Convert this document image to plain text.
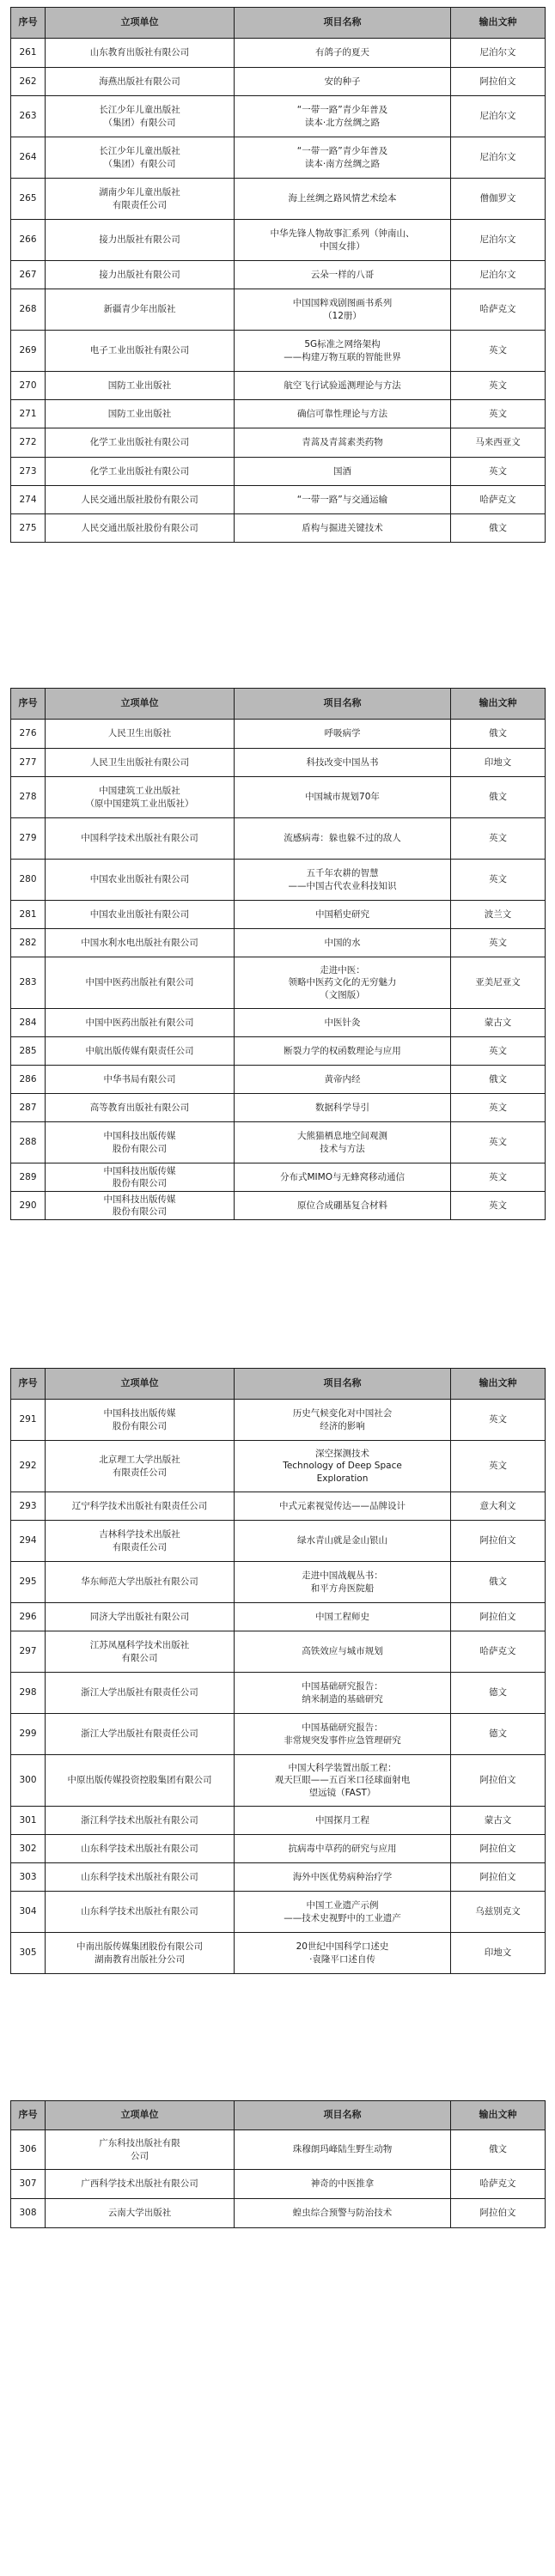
序号	立项单位	项目名称	输出文种

261	山东教育出版社有限公司	有鸽子的夏天	尼泊尔文

262	海燕出版社有限公司	安的种子	阿拉伯文

263	长江少年儿童出版社
（集团）有限公司	“一带一路”青少年普及
读本·北方丝绸之路	尼泊尔文

264	长江少年儿童出版社
（集团）有限公司	“一带一路”青少年普及
读本·南方丝绸之路	尼泊尔文

265	湖南少年儿童出版社
有限责任公司	海上丝绸之路风情艺术绘本	僧伽罗文

266	接力出版社有限公司	中华先锋人物故事汇系列（钟南山、
中国女排）	尼泊尔文

267	接力出版社有限公司	云朵一样的八哥	尼泊尔文

268	新疆青少年出版社	中国国粹戏剧图画书系列
（12册）	哈萨克文

269	电子工业出版社有限公司	5G标准之网络架构
——构建万物互联的智能世界	英文

270	国防工业出版社	航空飞行试验遥测理论与方法	英文

271	国防工业出版社	确信可靠性理论与方法	英文

272	化学工业出版社有限公司	青蒿及青蒿素类药物	马来西亚文

273	化学工业出版社有限公司	国酒	英文

274	人民交通出版社股份有限公司	“一带一路”与交通运输	哈萨克文

275	人民交通出版社股份有限公司	盾构与掘进关键技术	俄文
序号	立项单位	项目名称	输出文种

276	人民卫生出版社	呼吸病学	俄文

277	人民卫生出版社有限公司	科技改变中国丛书	印地文

278	中国建筑工业出版社
（原中国建筑工业出版社）	中国城市规划70年	俄文

279	中国科学技术出版社有限公司	流感病毒：躲也躲不过的敌人	英文

280	中国农业出版社有限公司	五千年农耕的智慧
——中国古代农业科技知识	英文

281	中国农业出版社有限公司	中国稻史研究	波兰文

282	中国水利水电出版社有限公司	中国的水	英文

283	中国中医药出版社有限公司	走进中医：
领略中医药文化的无穷魅力
（文图版）	亚美尼亚文

284	中国中医药出版社有限公司	中医针灸	蒙古文

285	中航出版传媒有限责任公司	断裂力学的权函数理论与应用	英文

286	中华书局有限公司	黄帝内经	俄文

287	高等教育出版社有限公司	数据科学导引	英文

288	中国科技出版传媒
股份有限公司	大熊猫栖息地空间观测
技术与方法	英文

289	中国科技出版传媒
股份有限公司	分布式MIMO与无蜂窝移动通信	英文

290	中国科技出版传媒
股份有限公司	原位合成硼基复合材料	英文
序号	立项单位	项目名称	输出文种

291	中国科技出版传媒
股份有限公司	历史气候变化对中国社会
经济的影响	英文

292	北京理工大学出版社
有限责任公司	深空探测技术
Technology of Deep Space
Exploration	英文

293	辽宁科学技术出版社有限责任公司	中式元素视觉传达——品牌设计	意大利文

294	吉林科学技术出版社
有限责任公司	绿水青山就是金山银山	阿拉伯文

295	华东师范大学出版社有限公司	走进中国战舰丛书：
和平方舟医院船	俄文

296	同济大学出版社有限公司	中国工程师史	阿拉伯文

297	江苏凤凰科学技术出版社
有限公司	高铁效应与城市规划	哈萨克文

298	浙江大学出版社有限责任公司	中国基础研究报告：
纳米制造的基础研究	德文

299	浙江大学出版社有限责任公司	中国基础研究报告：
非常规突发事件应急管理研究	德文

300	中原出版传媒投资控股集团有限公司	中国大科学装置出版工程：
观天巨眼——五百米口径球面射电
望远镜（FAST）	阿拉伯文

301	浙江科学技术出版社有限公司	中国探月工程	蒙古文

302	山东科学技术出版社有限公司	抗病毒中草药的研究与应用	阿拉伯文

303	山东科学技术出版社有限公司	海外中医优势病种治疗学	阿拉伯文

304	山东科学技术出版社有限公司	中国工业遗产示例
——技术史视野中的工业遗产	乌兹别克文

305	中南出版传媒集团股份有限公司
湖南教育出版社分公司	20世纪中国科学口述史
·袁隆平口述自传	印地文
序号	立项单位	项目名称	输出文种

306	广东科技出版社有限
公司	珠穆朗玛峰陆生野生动物	俄文

307	广西科学技术出版社有限公司	神奇的中医推拿	哈萨克文

308	云南大学出版社	蝗虫综合预警与防治技术	阿拉伯文
